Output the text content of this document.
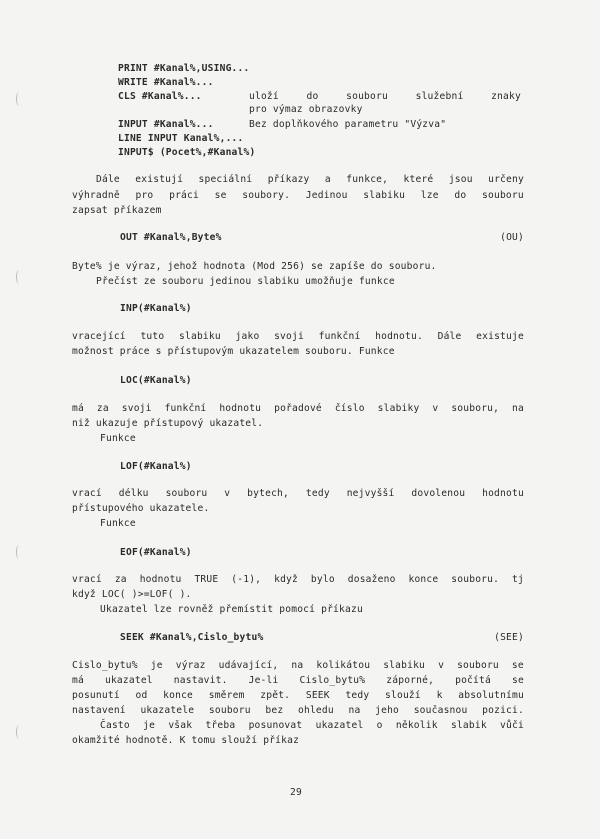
PRINT #Kanal%,USING...
WRITE #Kanal%...
CLS #Kanal%...	uloží	do	souboru	služební	znaky
pro výmaz obrazovky
INPUT #Kanal%...	Bez doplňkového parametru "Výzva"
LINE INPUT Kanal%,...
INPUT$ (Pocet%,#Kanal%)
Dále existují speciální příkazy a funkce, které jsou určeny
výhradně pro práci se soubory. Jedinou slabiku lze do souboru
zapsat příkazem
OUT #Kanal%,Byte%	(OU)
Byte% je výraz, jehož hodnota (Mod 256) se zapíše do souboru.
Přečíst ze souboru jedinou slabiku umožňuje funkce
INP(#Kanal%)
vracející tuto slabiku jako svoji funkční hodnotu. Dále existuje
možnost práce s přístupovým ukazatelem souboru. Funkce
LOC(#Kanal%)
má za svoji funkční hodnotu pořadové číslo slabiky v souboru, na
niž ukazuje přístupový ukazatel.
Funkce
LOF(#Kanal%)
vrací délku souboru v bytech, tedy nejvyšší dovolenou hodnotu
přístupového ukazatele.
Funkce
EOF(#Kanal%)
vrací za hodnotu TRUE (-1), když bylo dosaženo konce souboru. tj
když LOC( )>=LOF( ).
Ukazatel lze rovněž přemístit pomocí příkazu
SEEK #Kanal%,Cislo_bytu%	(SEE)
Cislo_bytu% je výraz udávající, na kolikátou slabiku v souboru se
má ukazatel nastavit. Je-li Cislo_bytu% záporné, počítá se
posunutí od konce směrem zpět. SEEK tedy slouží k absolutnímu
nastavení ukazatele souboru bez ohledu na jeho současnou pozici.
Často je však třeba posunovat ukazatel o několik slabik vůči
okamžité hodnotě. K tomu slouží příkaz
29
